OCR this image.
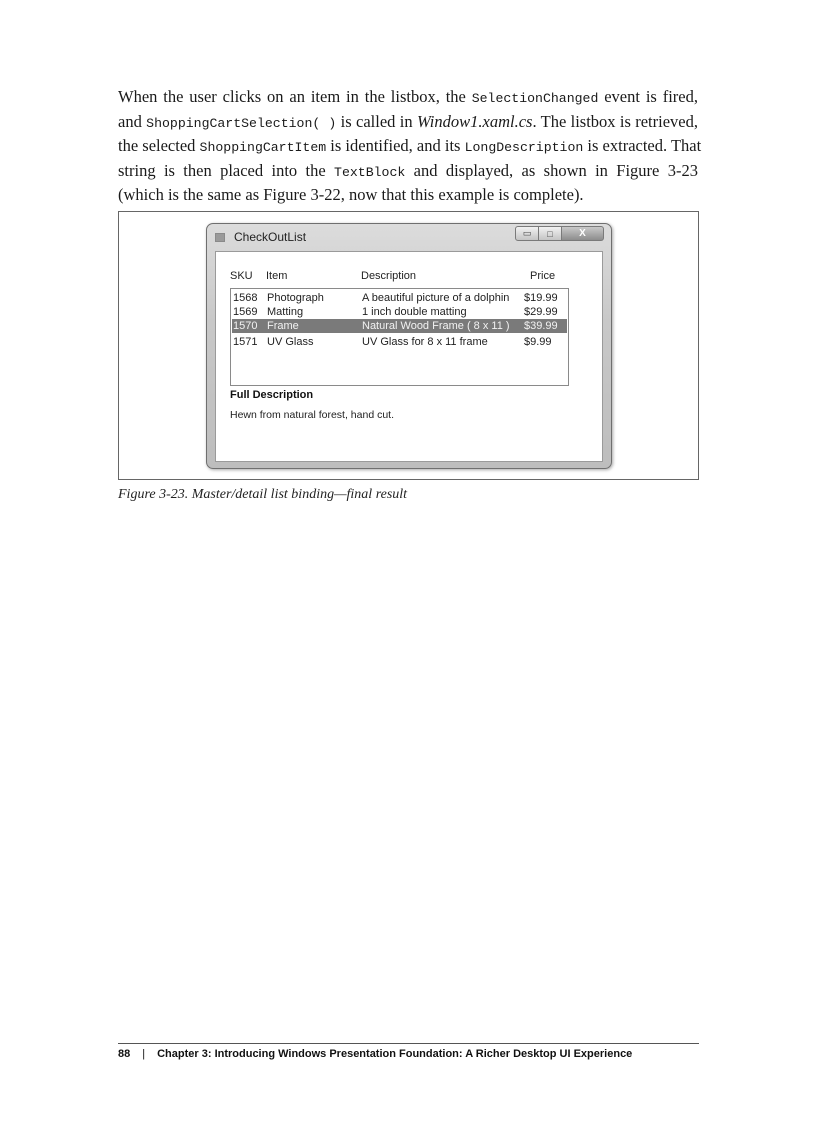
When the user clicks on an item in the listbox, the SelectionChanged event is fired,
and ShoppingCartSelection( ) is called in Window1.xaml.cs. The listbox is retrieved,
the selected ShoppingCartItem is identified, and its LongDescription is extracted. That
string is then placed into the TextBlock and displayed, as shown in Figure 3-23
(which is the same as Figure 3-22, now that this example is complete).

CheckOutList	▭ □	X
SKU Item	Description	Price
1568 Photograph	A beautiful picture of a dolphin $19.99
1569 Matting	1 inch double matting	$29.99
1570 Frame	Natural Wood Frame ( 8 x 11 ) $39.99
1571 UV Glass	UV Glass for 8 x 11 frame	$9.99
Full Description
Hewn from natural forest, hand cut.
Figure 3-23. Master/detail list binding—final result
88 | Chapter 3: Introducing Windows Presentation Foundation: A Richer Desktop UI Experience
